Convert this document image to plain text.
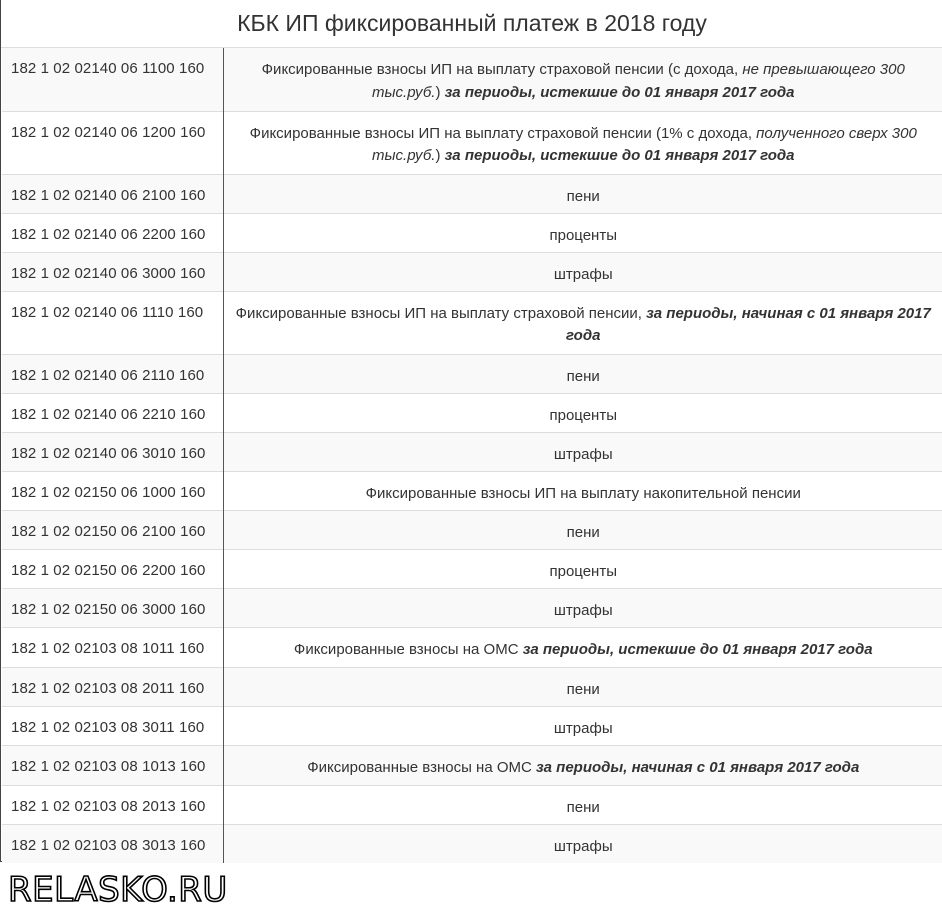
КБК ИП фиксированный платеж в 2018 году
182 1 02 02140 06 1100 160	Фиксированные взносы ИП на выплату страховой пенсии (с дохода, не превышающего 300 тыс.руб.) за периоды, истекшие до 01 января 2017 года
182 1 02 02140 06 1200 160	Фиксированные взносы ИП на выплату страховой пенсии (1% с дохода, полученного сверх 300 тыс.руб.) за периоды, истекшие до 01 января 2017 года
182 1 02 02140 06 2100 160	пени
182 1 02 02140 06 2200 160	проценты
182 1 02 02140 06 3000 160	штрафы
182 1 02 02140 06 1110 160	Фиксированные взносы ИП на выплату страховой пенсии, за периоды, начиная с 01 января 2017 года
182 1 02 02140 06 2110 160	пени
182 1 02 02140 06 2210 160	проценты
182 1 02 02140 06 3010 160	штрафы
182 1 02 02150 06 1000 160	Фиксированные взносы ИП на выплату накопительной пенсии
182 1 02 02150 06 2100 160	пени
182 1 02 02150 06 2200 160	проценты
182 1 02 02150 06 3000 160	штрафы
182 1 02 02103 08 1011 160	Фиксированные взносы на ОМС за периоды, истекшие до 01 января 2017 года
182 1 02 02103 08 2011 160	пени
182 1 02 02103 08 3011 160	штрафы
182 1 02 02103 08 1013 160	Фиксированные взносы на ОМС за периоды, начиная с 01 января 2017 года
182 1 02 02103 08 2013 160	пени
182 1 02 02103 08 3013 160	штрафы
RELASKO.RU
